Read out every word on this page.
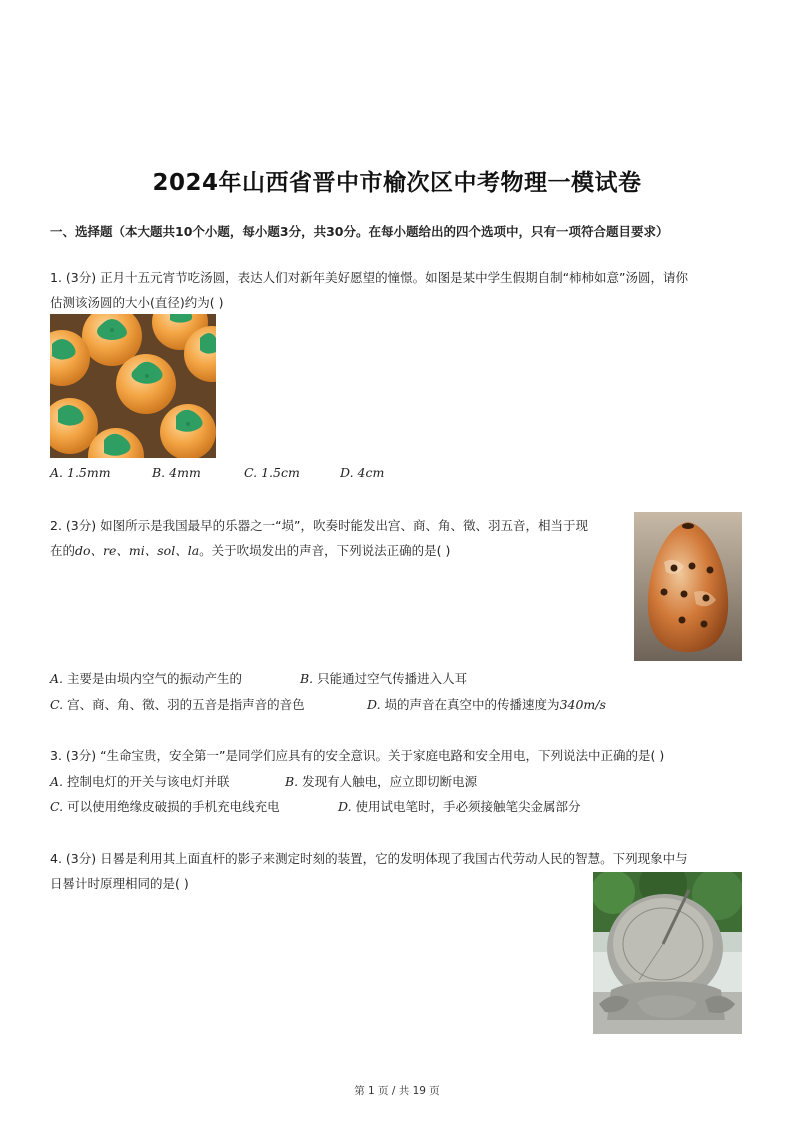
2024年山西省晋中市榆次区中考物理一模试卷
一、选择题（本大题共10个小题，每小题3分，共30分。在每小题给出的四个选项中，只有一项符合题目要求）
1. (3分) 正月十五元宵节吃汤圆，表达人们对新年美好愿望的憧憬。如图是某中学生假期自制“柿柿如意”汤圆，请你
估测该汤圆的大小(直径)约为( )
A. 1.5mm	B. 4mm	C. 1.5cm	D. 4cm
2. (3分) 如图所示是我国最早的乐器之一“埙”，吹奏时能发出宫、商、角、徵、羽五音，相当于现
在的do、re、mi、sol、la。关于吹埙发出的声音，下列说法正确的是( )
A. 主要是由埙内空气的振动产生的	B. 只能通过空气传播进入人耳
C. 宫、商、角、徵、羽的五音是指声音的音色	D. 埙的声音在真空中的传播速度为340m/s
3. (3分) “生命宝贵，安全第一”是同学们应具有的安全意识。关于家庭电路和安全用电，下列说法中正确的是( )
A. 控制电灯的开关与该电灯并联	B. 发现有人触电，应立即切断电源
C. 可以使用绝缘皮破损的手机充电线充电	D. 使用试电笔时，手必须接触笔尖金属部分
4. (3分) 日晷是利用其上面直杆的影子来测定时刻的装置，它的发明体现了我国古代劳动人民的智慧。下列现象中与
日晷计时原理相同的是( )
第 1 页 / 共 19 页
